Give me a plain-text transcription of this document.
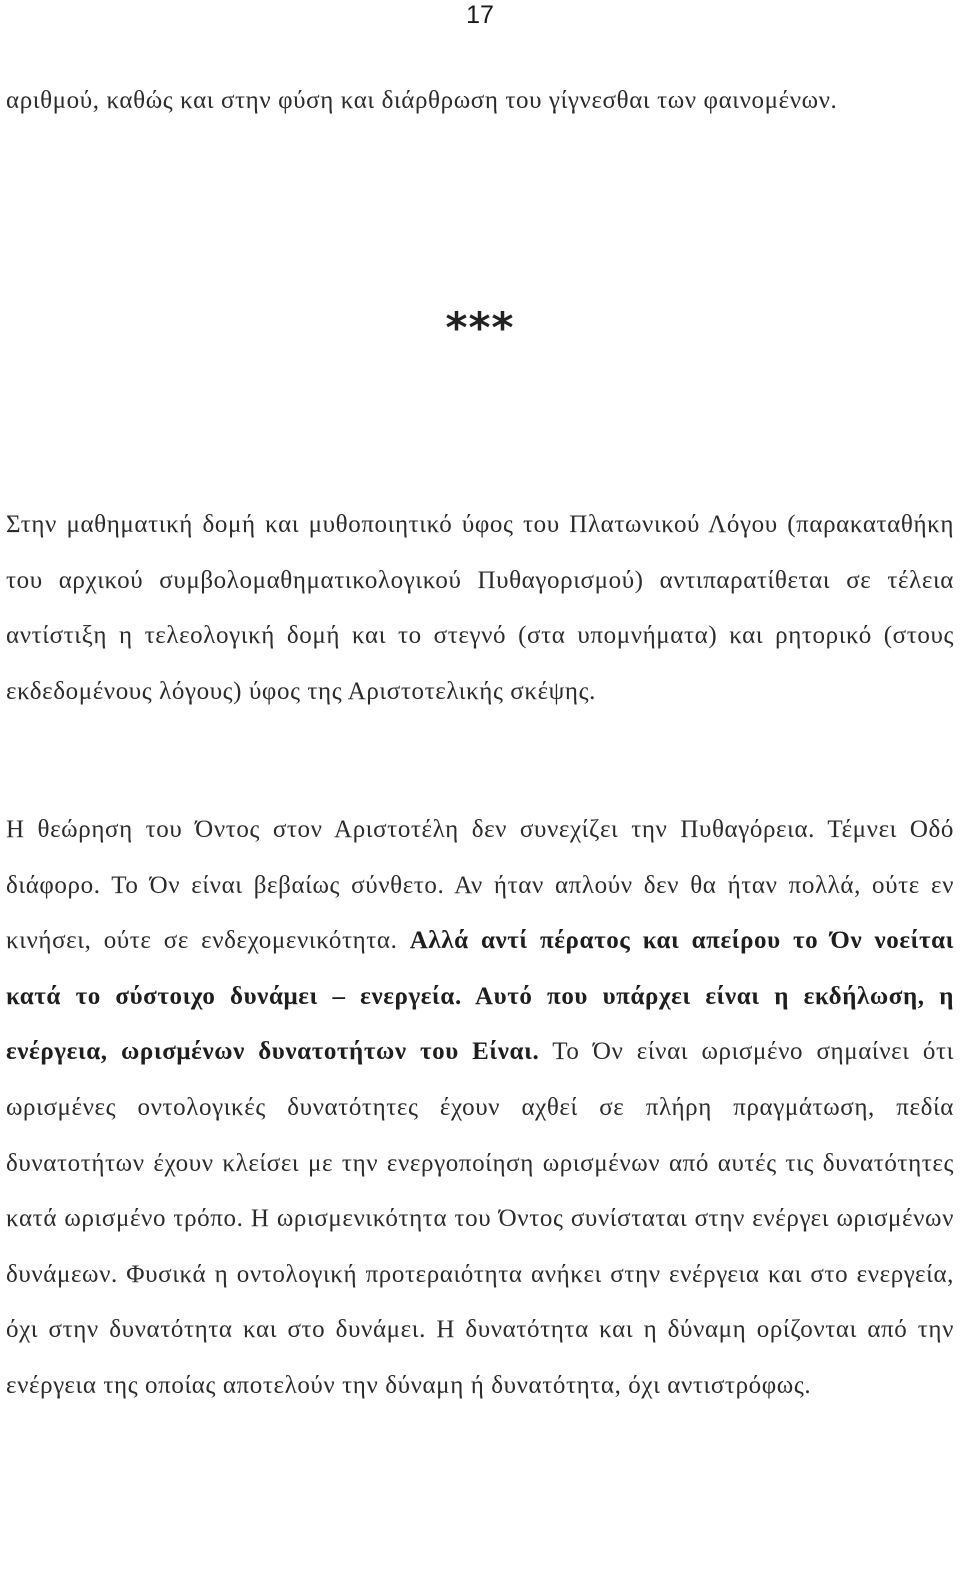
17

αριθμού, καθώς και στην φύση και διάρθρωση του γίγνεσθαι των φαινομένων.

***

Στην μαθηματική δομή και μυθοποιητικό ύφος του Πλατωνικού Λόγου (παρακαταθήκη του αρχικού συμβολομαθηματικολογικού Πυθαγορισμού) αντιπαρατίθεται σε τέλεια αντίστιξη η τελεολογική δομή και το στεγνό (στα υπομνήματα) και ρητορικό (στους εκδεδομένους λόγους) ύφος της Αριστοτελικής σκέψης.

Η θεώρηση του Όντος στον Αριστοτέλη δεν συνεχίζει την Πυθαγόρεια. Τέμνει Οδό διάφορο. Το Όν είναι βεβαίως σύνθετο. Αν ήταν απλούν δεν θα ήταν πολλά, ούτε εν κινήσει, ούτε σε ενδεχομενικότητα. Αλλά αντί πέρατος και απείρου το Όν νοείται κατά το σύστοιχο δυνάμει – ενεργεία. Αυτό που υπάρχει είναι η εκδήλωση, η ενέργεια, ωρισμένων δυνατοτήτων του Είναι. Το Όν είναι ωρισμένο σημαίνει ότι ωρισμένες οντολογικές δυνατότητες έχουν αχθεί σε πλήρη πραγμάτωση, πεδία δυνατοτήτων έχουν κλείσει με την ενεργοποίηση ωρισμένων από αυτές τις δυνατότητες κατά ωρισμένο τρόπο. Η ωρισμενικότητα του Όντος συνίσταται στην ενέργει ωρισμένων δυνάμεων. Φυσικά η οντολογική προτεραιότητα ανήκει στην ενέργεια και στο ενεργεία, όχι στην δυνατότητα και στο δυνάμει. Η δυνατότητα και η δύναμη ορίζονται από την ενέργεια της οποίας αποτελούν την δύναμη ή δυνατότητα, όχι αντιστρόφως.
